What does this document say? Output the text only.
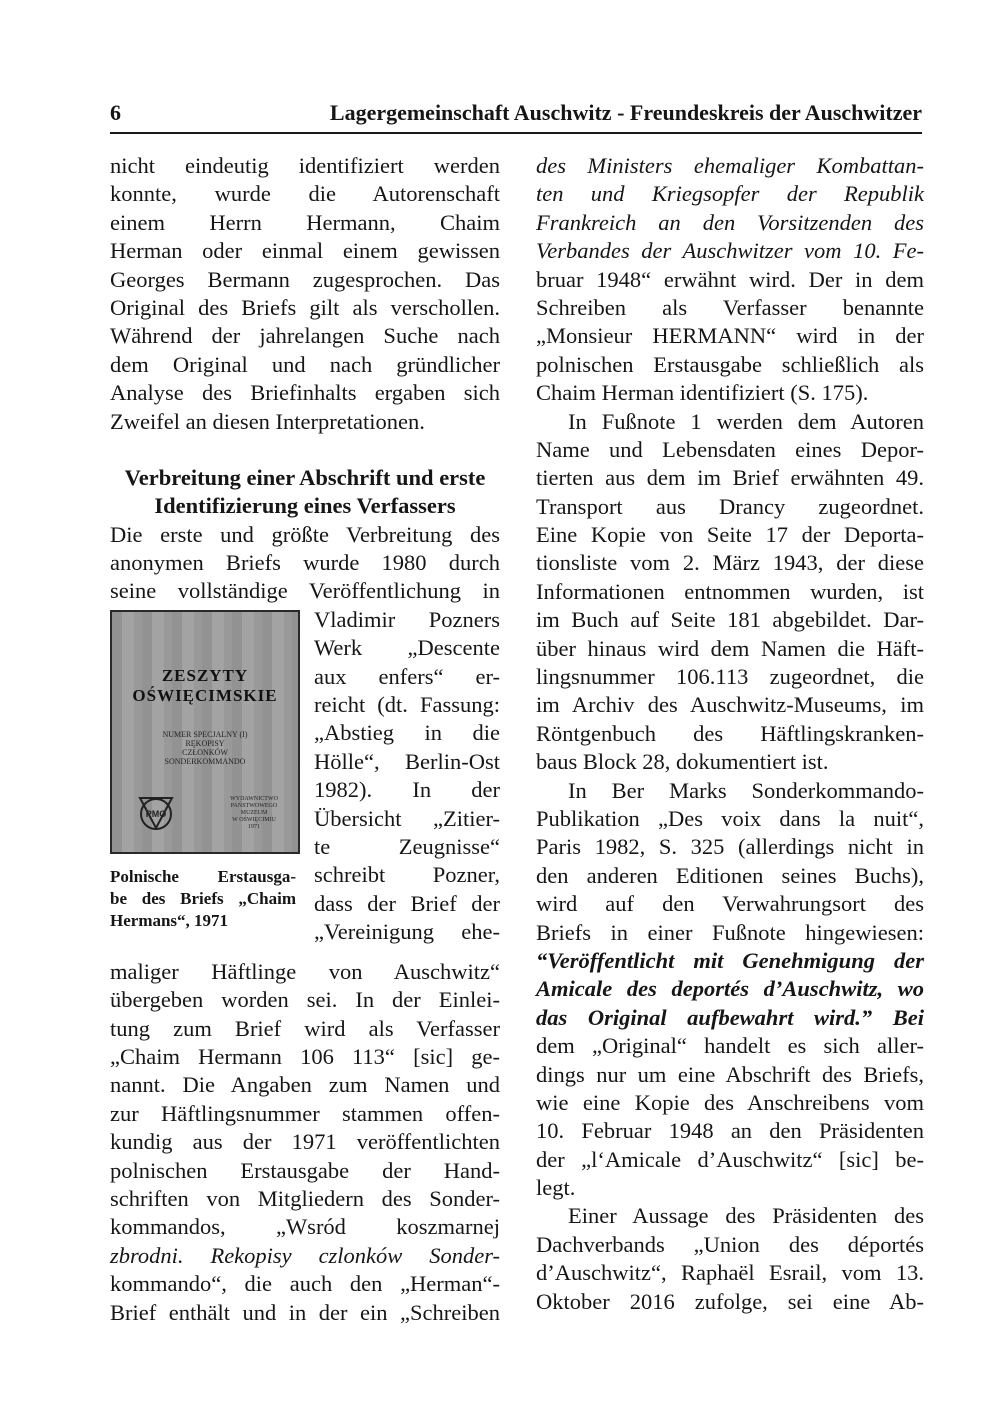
6	Lagergemeinschaft Auschwitz - Freundeskreis der Auschwitzer
nicht eindeutig identifiziert werden
konnte, wurde die Autorenschaft
einem Herrn Hermann, Chaim
Herman oder einmal einem gewissen
Georges Bermann zugesprochen. Das
Original des Briefs gilt als verschollen.
Während der jahrelangen Suche nach
dem Original und nach gründlicher
Analyse des Briefinhalts ergaben sich
Zweifel an diesen Interpretationen.
Verbreitung einer Abschrift und erste
Identifizierung eines Verfassers
Die erste und größte Verbreitung des
anonymen Briefs wurde 1980 durch
seine vollständige Veröffentlichung in
ZESZYTY
OŚWIĘCIMSKIE
NUMER SPECJALNY (I)
RĘKOPISY
CZŁONKÓW
SONDERKOMMANDO
PMO
WYDAWNICTWO
PAŃSTWOWEGO
MUZEUM
W OŚWIĘCIMIU
1971
Polnische Erstausga-
be des Briefs „Chaim
Hermans“, 1971
Vladimir Pozners
Werk „Descente
aux enfers“ er-
reicht (dt. Fassung:
„Abstieg in die
Hölle“, Berlin-Ost
1982). In der
Übersicht „Zitier-
te Zeugnisse“
schreibt Pozner,
dass der Brief der
„Vereinigung ehe-
maliger Häftlinge von Auschwitz“
übergeben worden sei. In der Einlei-
tung zum Brief wird als Verfasser
„Chaim Hermann 106 113“ [sic] ge-
nannt. Die Angaben zum Namen und
zur Häftlingsnummer stammen offen-
kundig aus der 1971 veröffentlichten
polnischen Erstausgabe der Hand-
schriften von Mitgliedern des Sonder-
kommandos, „Wsród koszmarnej
zbrodni. Rekopisy czlonków Sonder-
kommando“, die auch den „Herman“-
Brief enthält und in der ein „Schreiben
des Ministers ehemaliger Kombattan-
ten und Kriegsopfer der Republik
Frankreich an den Vorsitzenden des
Verbandes der Auschwitzer vom 10. Fe-
bruar 1948“ erwähnt wird. Der in dem
Schreiben als Verfasser benannte
„Monsieur HERMANN“ wird in der
polnischen Erstausgabe schließlich als
Chaim Herman identifiziert (S. 175).
In Fußnote 1 werden dem Autoren
Name und Lebensdaten eines Depor-
tierten aus dem im Brief erwähnten 49.
Transport aus Drancy zugeordnet.
Eine Kopie von Seite 17 der Deporta-
tionsliste vom 2. März 1943, der diese
Informationen entnommen wurden, ist
im Buch auf Seite 181 abgebildet. Dar-
über hinaus wird dem Namen die Häft-
lingsnummer 106.113 zugeordnet, die
im Archiv des Auschwitz-Museums, im
Röntgenbuch des Häftlingskranken-
baus Block 28, dokumentiert ist.
In Ber Marks Sonderkommando-
Publikation „Des voix dans la nuit“,
Paris 1982, S. 325 (allerdings nicht in
den anderen Editionen seines Buchs),
wird auf den Verwahrungsort des
Briefs in einer Fußnote hingewiesen:
“Veröffentlicht mit Genehmigung der
Amicale des deportés d’Auschwitz, wo
das Original aufbewahrt wird.” Bei
dem „Original“ handelt es sich aller-
dings nur um eine Abschrift des Briefs,
wie eine Kopie des Anschreibens vom
10. Februar 1948 an den Präsidenten
der „l‘Amicale d’Auschwitz“ [sic] be-
legt.
Einer Aussage des Präsidenten des
Dachverbands „Union des déportés
d’Auschwitz“, Raphaël Esrail, vom 13.
Oktober 2016 zufolge, sei eine Ab-
